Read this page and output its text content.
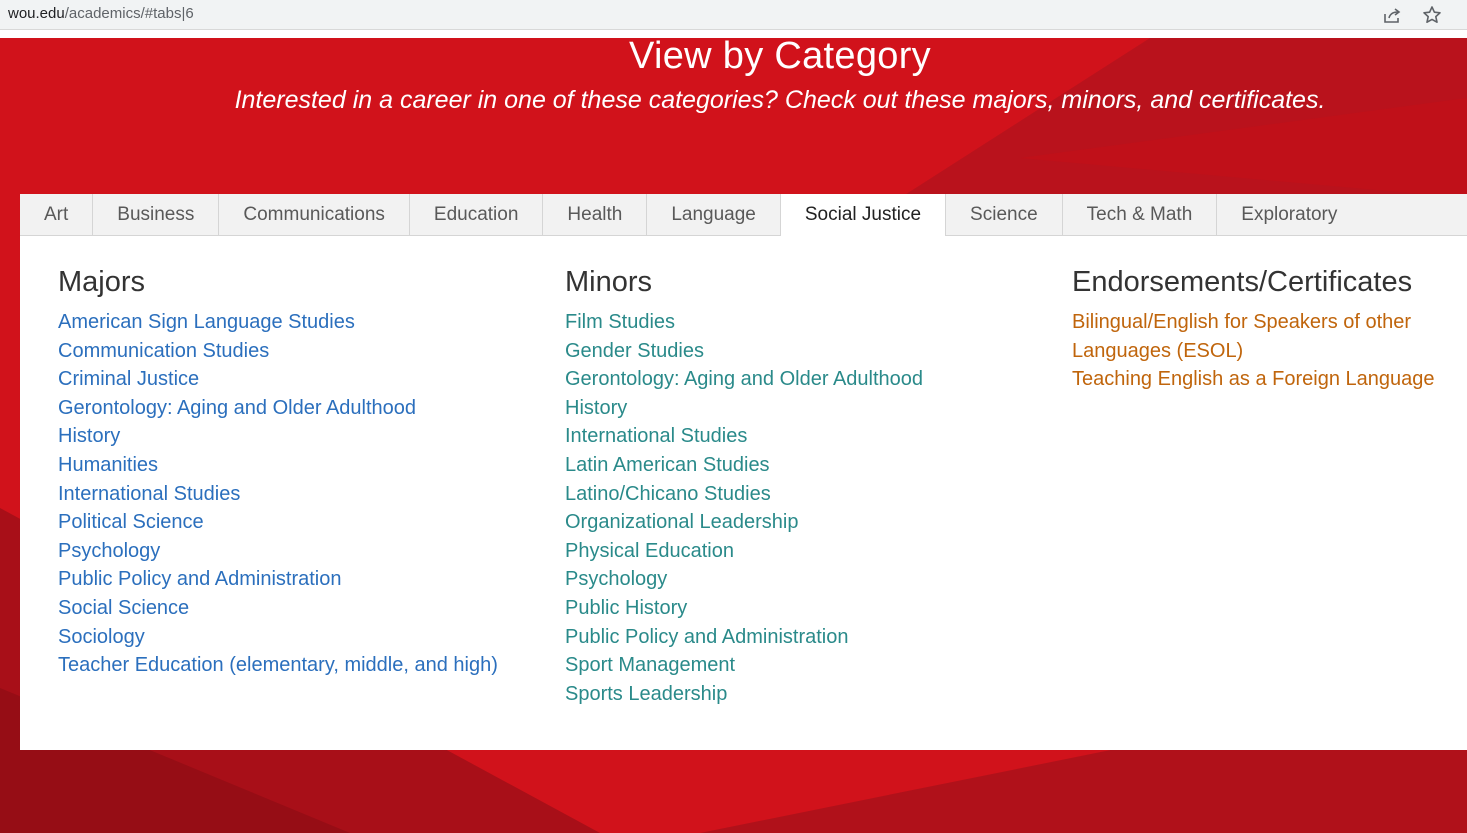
wou.edu/academics/#tabs|6
View by Category
Interested in a career in one of these categories? Check out these majors, minors, and certificates.
Art	Business	Communications	Education	Health	Language	Social Justice	Science	Tech & Math	Exploratory
Majors
American Sign Language Studies
Communication Studies
Criminal Justice
Gerontology: Aging and Older Adulthood
History
Humanities
International Studies
Political Science
Psychology
Public Policy and Administration
Social Science
Sociology
Teacher Education (elementary, middle, and high)
Minors
Film Studies
Gender Studies
Gerontology: Aging and Older Adulthood
History
International Studies
Latin American Studies
Latino/Chicano Studies
Organizational Leadership
Physical Education
Psychology
Public History
Public Policy and Administration
Sport Management
Sports Leadership
Endorsements/Certificates
Bilingual/English for Speakers of other Languages (ESOL)
Teaching English as a Foreign Language
